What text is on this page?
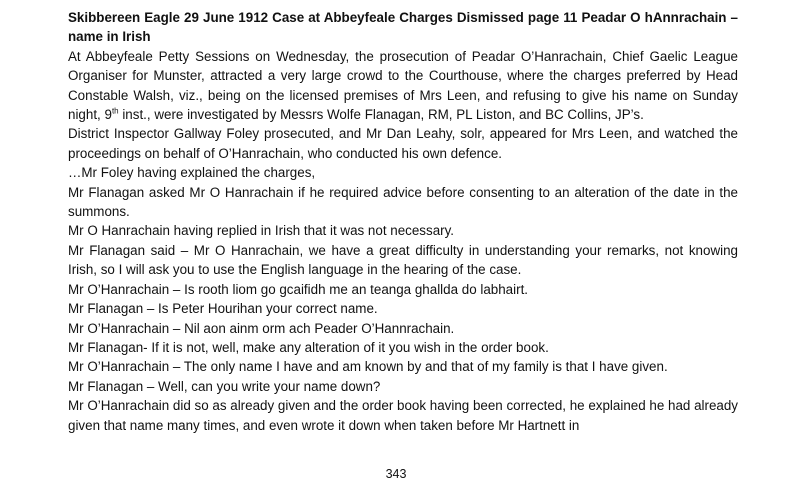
Skibbereen Eagle 29 June 1912 Case at Abbeyfeale Charges Dismissed page 11 Peadar O hAnnrachain – name in Irish

At Abbeyfeale Petty Sessions on Wednesday, the prosecution of Peadar O’Hanrachain, Chief Gaelic League Organiser for Munster, attracted a very large crowd to the Courthouse, where the charges preferred by Head Constable Walsh, viz., being on the licensed premises of Mrs Leen, and refusing to give his name on Sunday night, 9th inst., were investigated by Messrs Wolfe Flanagan, RM, PL Liston, and BC Collins, JP’s.

District Inspector Gallway Foley prosecuted, and Mr Dan Leahy, solr, appeared for Mrs Leen, and watched the proceedings on behalf of O’Hanrachain, who conducted his own defence.

…Mr Foley having explained the charges,

Mr Flanagan asked Mr O Hanrachain if he required advice before consenting to an alteration of the date in the summons.

Mr O Hanrachain having replied in Irish that it was not necessary.

Mr Flanagan said – Mr O Hanrachain, we have a great difficulty in understanding your remarks, not knowing Irish, so I will ask you to use the English language in the hearing of the case.

Mr O’Hanrachain – Is rooth liom go gcaifidh me an teanga ghallda do labhairt.

Mr Flanagan – Is Peter Hourihan your correct name.

Mr O’Hanrachain – Nil aon ainm orm ach Peader O’Hannrachain.

Mr Flanagan- If it is not, well, make any alteration of it you wish in the order book.

Mr O’Hanrachain – The only name I have and am known by and that of my family is that I have given.

Mr Flanagan – Well, can you write your name down?

Mr O’Hanrachain did so as already given and the order book having been corrected, he explained he had already given that name many times, and even wrote it down when taken before Mr Hartnett in

343
